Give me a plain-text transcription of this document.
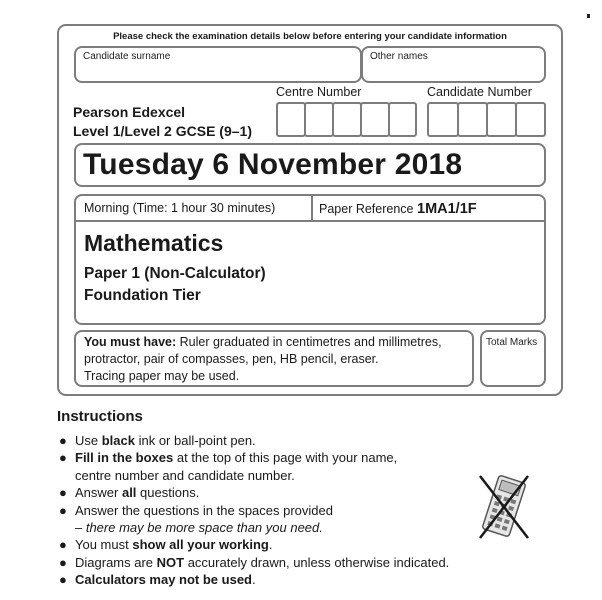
Please check the examination details below before entering your candidate information
Candidate surname	Other names
Pearson Edexcel
Level 1/Level 2 GCSE (9–1)
Centre Number	Candidate Number
Tuesday 6 November 2018
Morning (Time: 1 hour 30 minutes)	Paper Reference 1MA1/1F
Mathematics
Paper 1 (Non-Calculator)
Foundation Tier
You must have: Ruler graduated in centimetres and millimetres,
protractor, pair of compasses, pen, HB pencil, eraser.
Tracing paper may be used.
Total Marks
Instructions
● Use black ink or ball-point pen.
● Fill in the boxes at the top of this page with your name,
centre number and candidate number.
● Answer all questions.
● Answer the questions in the spaces provided
– there may be more space than you need.
● You must show all your working.
● Diagrams are NOT accurately drawn, unless otherwise indicated.
● Calculators may not be used.
